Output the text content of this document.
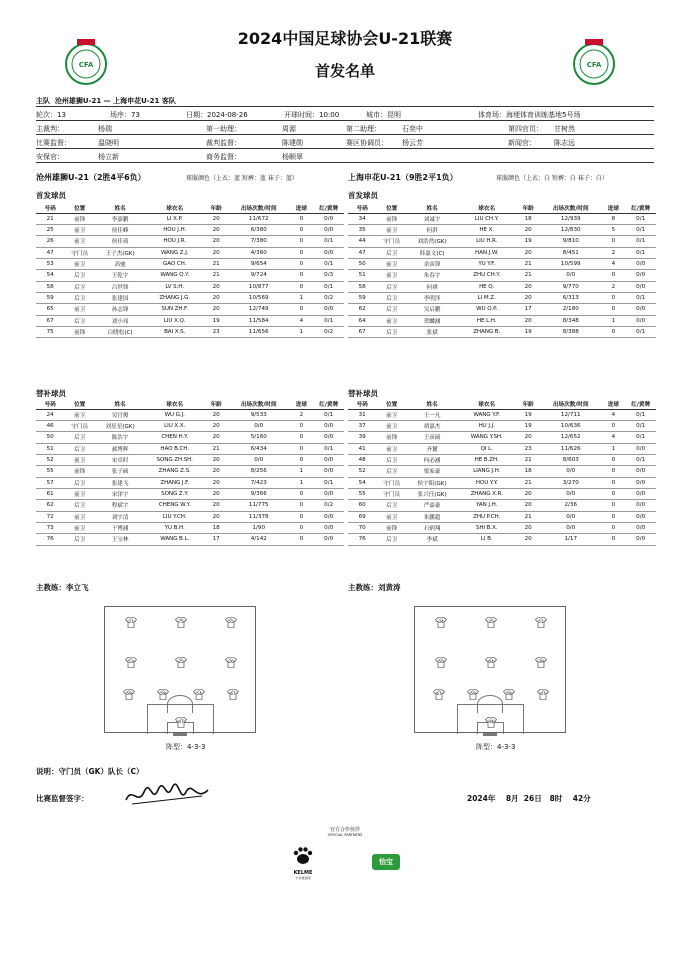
CFA	CFA
2024中国足球协会U-21联赛
首发名单
主队 沧州雄狮U-21 — 上海申花U-21 客队
轮次：13	场序：73	日期：2024-08-26	开球时间：10:00	城市：昆明	体育场：海埂体育训练基地5号场
主裁判：	杨瑞	第一助理：	周源	第二助理：	石奕中	第四官员： 甘树然
比赛监督：	温晓明	裁判监督：	陈建勋	赛区协调员： 杨云芳	新闻官：	陈志远
安保官：	杨立新	商务监督：	杨顺翠
沧州雄狮U-21（2胜4平6负）	球服颜色（上衣：蓝 短裤：蓝 袜子：蓝）
首发球员
号码	位置	姓名	球衣名	年龄	出场次数/时间	进球	红/黄牌
21	前锋	李嘉鹏	LI X.P.	20	11/672	0	0/0
25	前卫	侯佳峰	HOU J.H.	20	6/380	0	0/0
26	前卫	侯佳琦	HOU J.R.	20	7/380	0	0/1
47	守门员	王子杰(GK)	WANG Z.J.	20	4/360	0	0/0
53	前卫	高驰	GAO CH.	21	9/654	0	0/1
54	后卫	王乾宇	WANG Q.Y.	21	9/724	0	0/3
58	后卫	吕世锋	LV S.H.	20	10/877	0	0/1
59	后卫	张建国	ZHANG J.G.	20	10/569	1	0/2
65	前卫	孙志锋	SUN ZH.F.	20	12/749	0	0/0
67	后卫	刘小玮	LIU X.Q.	19	11/584	4	0/1
75	前锋	白晓松(C)	BAI X.S.	23	11/656	1	0/2
替补球员
号码	位置	姓名	球衣名	年龄	出场次数/时间	进球	红/黄牌
24	前卫	吴官俊	WU G.J.	20	9/533	2	0/1
46	守门员	刘星星(GK)	LIU X.X.	20	0/0	0	0/0
50	后卫	陈浩宇	CHEN H.Y.	20	5/160	0	0/0
51	后卫	郝博辉	HAO B.CH.	21	6/434	0	0/1
52	前卫	宋卓时	SONG ZH.SH.	20	0/0	0	0/0
55	前锋	张子硕	ZHANG Z.S.	20	8/256	1	0/0
57	后卫	张建飞	ZHANG J.F.	20	7/423	1	0/1
61	前卫	宋泽宇	SONG Z.Y.	20	9/366	0	0/0
62	后卫	程斌宇	CHENG W.Y.	20	11/775	0	0/2
72	前卫	刘宇清	LIU Y.CH.	20	11/378	0	0/0
73	前卫	于博涵	YU B.H.	18	1/90	0	0/0
76	后卫	王宝林	WANG B.L.	17	4/142	0	0/0
主教练：李立飞
上海申花U-21（9胜2平1负）	球服颜色（上衣：白 短裤：白 袜子：白）
首发球员
号码	位置	姓名	球衣名	年龄	出场次数/时间	进球	红/黄牌
34	前锋	刘诚宇	LIU CH.Y.	18	12/939	8	0/1
35	前卫	何淇	HE X.	20	12/830	5	0/1
44	守门员	刘浩然(GK)	LIU H.R.	19	9/810	0	0/1
47	后卫	韩嘉文(C)	HAN J.W.	20	8/451	2	0/1
50	前卫	余彦锋	YU Y.F.	21	10/599	4	0/0
51	前卫	朱春宇	ZHU CH.Y.	21	0/0	0	0/0
58	后卫	何祺	HE Q.	20	9/770	2	0/0
59	后卫	李明泽	LI M.Z.	20	6/313	0	0/1
62	后卫	吴启鹏	WU Q.P.	17	2/180	0	0/0
64	前卫	贺麟涵	HE L.H.	20	8/348	1	0/0
67	后卫	张斌	ZHANG B.	19	8/388	0	0/1
替补球员
号码	位置	姓名	球衣名	年龄	出场次数/时间	进球	红/黄牌
31	前卫	王一凡	WANG Y.F.	19	12/711	4	0/1
37	前卫	胡嘉杰	HU J.J.	19	10/636	0	0/1
39	前锋	王彦硕	WANG Y.SH.	20	12/652	4	0/1
41	前卫	齐麓	QI L.	23	11/626	1	0/0
48	后卫	何必涵	HE B.ZH.	21	8/603	0	0/1
52	后卫	梁家豪	LIANG J.H.	18	0/0	0	0/0
54	守门员	侯宇阳(GK)	HOU Y.Y.	21	3/270	0	0/0
55	守门员	张兴任(GK)	ZHANG X.R.	20	0/0	0	0/0
60	后卫	严嘉豪	YAN J.H.	20	2/36	0	0/0
69	前卫	朱鹏超	ZHU P.CH.	21	0/0	0	0/0
70	前锋	石炳翔	SHI B.X.	20	0/0	0	0/0
76	后卫	李斌	LI B.	20	1/17	0	0/0
主教练：刘黄涛
21	75	55
53	25	26
59	58	54	67
47
阵型：4-3-3
34	35	51
50	64	39
67	59	58	47
44
阵型：4-3-3
说明：守门员（GK）队长（C）
比赛监督签字：	2024年 8月 26日 8时 42分
官方合作伙伴
OFFICIAL PARTNERS
KELME
卡尔美官网
怡宝
